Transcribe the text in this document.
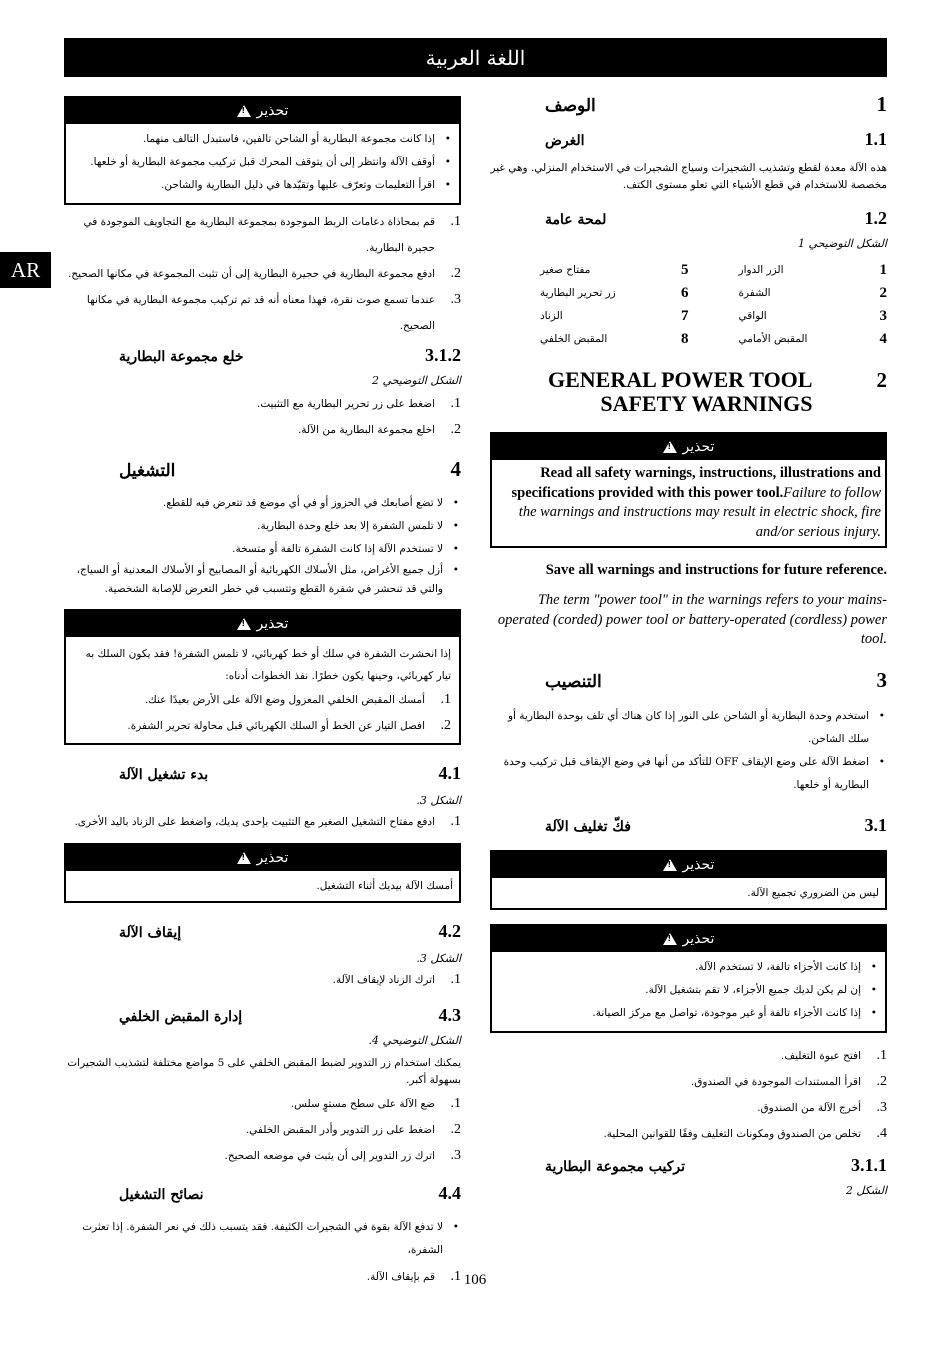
اللغة العربية
AR
1
الوصف
1.1
الغرض
هذه الآلة معدة لقطع وتشذيب الشجيرات وسياج الشجيرات في الاستخدام المنزلي. وهي غير مخصصة للاستخدام في قطع الأشياء التي تعلو مستوى الكتف.
1.2
لمحة عامة
الشكل التوضيحي 1
1
الزر الدوار
5
مفتاح صغير
2
الشفرة
6
زر تحرير البطارية
3
الواقي
7
الزناد
4
المقبض الأمامي
8
المقبض الخلفي
2
GENERAL POWER TOOL
SAFETY WARNINGS
تحذير
!
Read all safety warnings, instructions, illustrations and specifications provided with this power tool.Failure to follow the warnings and instructions may result in electric shock, fire and/or serious injury.
Save all warnings and instructions for future reference.
The term "power tool" in the warnings refers to your mains-operated (corded) power tool or battery-operated (cordless) power tool.
3
التنصيب
• استخدم وحدة البطارية أو الشاحن على النور إذا كان هناك أي تلف بوحدة البطارية أو سلك الشاحن.
• اضغط الآلة على وضع الإيقاف OFF للتأكد من أنها في وضع الإيقاف قبل تركيب وحدة البطارية أو خلعها.
3.1
فكّ تغليف الآلة
تحذير
!
ليس من الضروري تجميع الآلة.
تحذير
!
• إذا كانت الأجزاء تالفة، لا تستخدم الآلة.
• إن لم يكن لديك جميع الأجزاء، لا تقم بتشغيل الآلة.
• إذا كانت الأجزاء تالفة أو غير موجودة، تواصل مع مركز الصيانة.
1.
افتح عبوة التغليف.
2.
اقرأ المستندات الموجودة في الصندوق.
3.
أخرج الآلة من الصندوق.
4.
تخلص من الصندوق ومكونات التغليف وفقًا للقوانين المحلية.
3.1.1
تركيب مجموعة البطارية
الشكل 2
تحذير
!
• إذا كانت مجموعة البطارية أو الشاحن تالفين، فاستبدل التالف منهما.
• أوقف الآلة وانتظر إلى أن يتوقف المحرك قبل تركيب مجموعة البطارية أو خلعها.
• اقرأ التعليمات وتعرّف عليها وتقيّدها في دليل البطارية والشاحن.
1.
قم بمحاذاة دعامات الربط الموجودة بمجموعة البطارية مع التجاويف الموجودة في حجيرة البطارية.
2.
ادفع مجموعة البطارية في حجيرة البطارية إلى أن تثبت المجموعة في مكانها الصحيح.
3.
عندما تسمع صوت نقرة، فهذا معناه أنه قد تم تركيب مجموعة البطارية في مكانها الصحيح.
3.1.2
خلع مجموعة البطارية
الشكل التوضيحي 2
1.
اضغط على زر تحرير البطارية مع التثبيت.
2.
اخلع مجموعة البطارية من الآلة.
4
التشغيل
• لا تضع أصابعك في الحزوز أو في أي موضع قد تتعرض فيه للقطع.
• لا تلمس الشفرة إلا بعد خلع وحدة البطارية.
• لا تستخدم الآلة إذا كانت الشفرة تالفة أو متسخة.
• أزل جميع الأغراض، مثل الأسلاك الكهربائية أو المصابيح أو الأسلاك المعدنية أو السياج، والتي قد تنحشر في شفرة القطع وتتسبب في خطر التعرض للإصابة الشخصية.
تحذير
!
إذا انحشرت الشفرة في سلك أو خط كهربائي، لا تلمس الشفرة! فقد يكون السلك به تيار كهربائي، وحينها يكون خطرًا. نفذ الخطوات أدناه:
1.
أمسك المقبض الخلفي المعزول وضع الآلة على الأرض بعيدًا عنك.
2.
افصل التيار عن الخط أو السلك الكهربائي قبل محاولة تحرير الشفرة.
4.1
بدء تشغيل الآلة
الشكل 3.
1.
ادفع مفتاح التشغيل الصغير مع التثبيت بإحدى يديك، واضغط على الزناد باليد الأخرى.
تحذير
!
أمسك الآلة بيديك أثناء التشغيل.
4.2
إيقاف الآلة
الشكل 3.
1.
اترك الزناد لإيقاف الآلة.
4.3
إدارة المقبض الخلفي
الشكل التوضيحي 4.
يمكنك استخدام زر التدوير لضبط المقبض الخلفي على 5 مواضع مختلفة لتشذيب الشجيرات بسهولة أكبر.
1.
ضع الآلة على سطح مستوٍ سلس.
2.
اضغط على زر التدوير وأدر المقبض الخلفي.
3.
اترك زر التدوير إلى أن يثبت في موضعه الصحيح.
4.4
نصائح التشغيل
• لا تدفع الآلة بقوة في الشجيرات الكثيفة. فقد يتسبب ذلك في نعر الشفرة. إذا تعثرت الشفرة،
1.
قم بإيقاف الآلة.	106
